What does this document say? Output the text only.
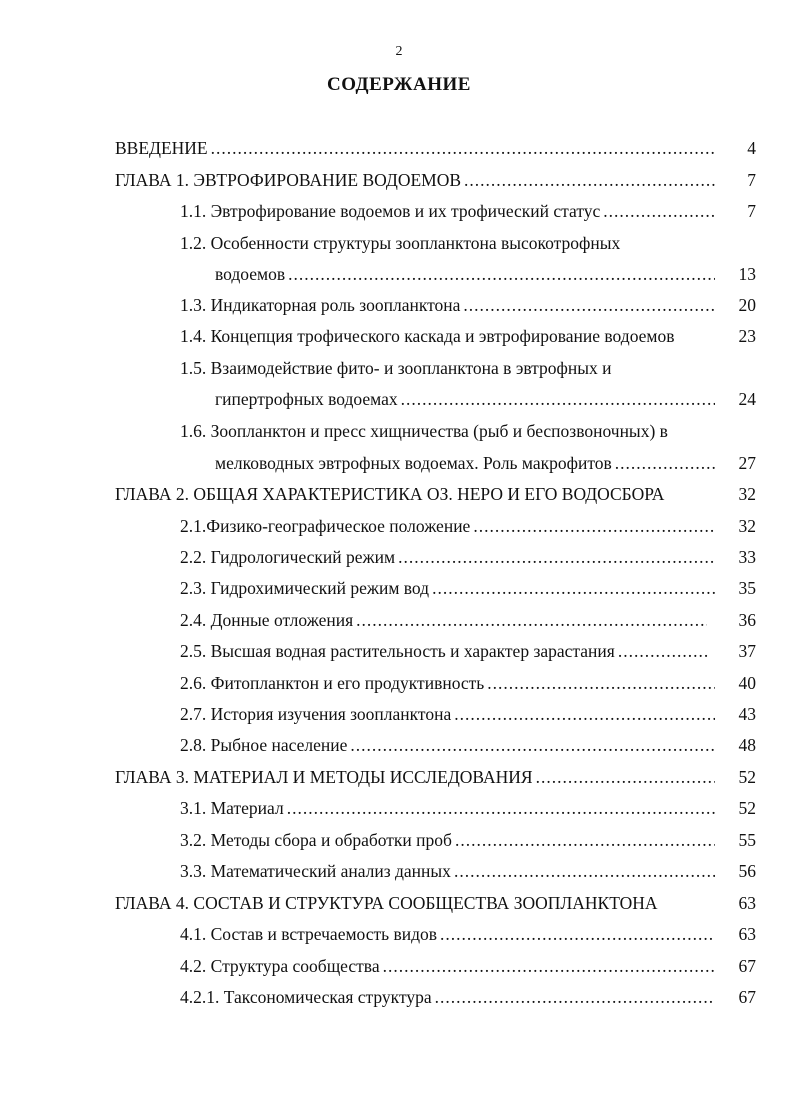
2
СОДЕРЖАНИЕ
ВВЕДЕНИЕ .....	4
ГЛАВА 1. ЭВТРОФИРОВАНИЕ ВОДОЕМОВ .....	7
1.1. Эвтрофирование водоемов и их трофический статус .....	7
1.2. Особенности структуры зоопланктона высокотрофных
водоемов .....	13
1.3. Индикаторная роль зоопланктона .....	20
1.4. Концепция трофического каскада и эвтрофирование водоемов	23
1.5. Взаимодействие фито- и зоопланктона в эвтрофных и
гипертрофных водоемах .....	24
1.6. Зоопланктон и пресс хищничества (рыб и беспозвоночных) в
мелководных эвтрофных водоемах. Роль макрофитов .....	27
ГЛАВА 2. ОБЩАЯ ХАРАКТЕРИСТИКА ОЗ. НЕРО И ЕГО ВОДОСБОРА	32
2.1.Физико-географическое положение .....	32
2.2. Гидрологический режим .....	33
2.3. Гидрохимический режим вод .....	35
2.4. Донные отложения .....	36
2.5. Высшая водная растительность и характер зарастания .....	37
2.6. Фитопланктон и его продуктивность .....	40
2.7. История изучения зоопланктона .....	43
2.8. Рыбное население .....	48
ГЛАВА 3. МАТЕРИАЛ И МЕТОДЫ ИССЛЕДОВАНИЯ .....	52
3.1. Материал .....	52
3.2. Методы сбора и обработки проб .....	55
3.3. Математический анализ данных .....	56
ГЛАВА 4. СОСТАВ И СТРУКТУРА СООБЩЕСТВА ЗООПЛАНКТОНА	63
4.1. Состав и встречаемость видов .....	63
4.2. Структура сообщества .....	67
4.2.1. Таксономическая структура .....	67
